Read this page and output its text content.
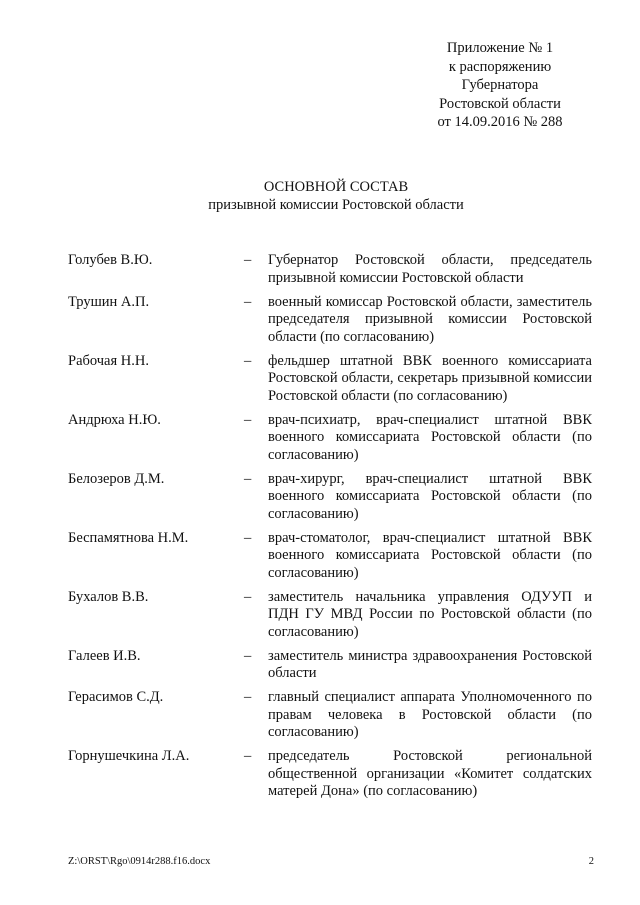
Приложение № 1
к распоряжению
Губернатора
Ростовской области
от 14.09.2016 № 288
ОСНОВНОЙ СОСТАВ
призывной комиссии Ростовской области
Голубев В.Ю.	–	Губернатор Ростовской области, председатель призывной комиссии Ростовской области
Трушин А.П.	–	военный комиссар Ростовской области, заместитель председателя призывной комиссии Ростовской области (по согласованию)
Рабочая Н.Н.	–	фельдшер штатной ВВК военного комиссариата Ростовской области, секретарь призывной комиссии Ростовской области (по согласованию)
Андрюха Н.Ю.	–	врач-психиатр, врач-специалист штатной ВВК военного комиссариата Ростовской области (по согласованию)
Белозеров Д.М.	–	врач-хирург, врач-специалист штатной ВВК военного комиссариата Ростовской области (по согласованию)
Беспамятнова Н.М.	–	врач-стоматолог, врач-специалист штатной ВВК военного комиссариата Ростовской области (по согласованию)
Бухалов В.В.	–	заместитель начальника управления ОДУУП и ПДН ГУ МВД России по Ростовской области (по согласованию)
Галеев И.В.	–	заместитель министра здравоохранения Ростовской области
Герасимов С.Д.	–	главный специалист аппарата Уполномоченного по правам человека в Ростовской области (по согласованию)
Горнушечкина Л.А.	–	председатель Ростовской региональной общественной организации «Комитет солдатских матерей Дона» (по согласованию)
Z:\ORST\Rgo\0914r288.f16.docx	2
